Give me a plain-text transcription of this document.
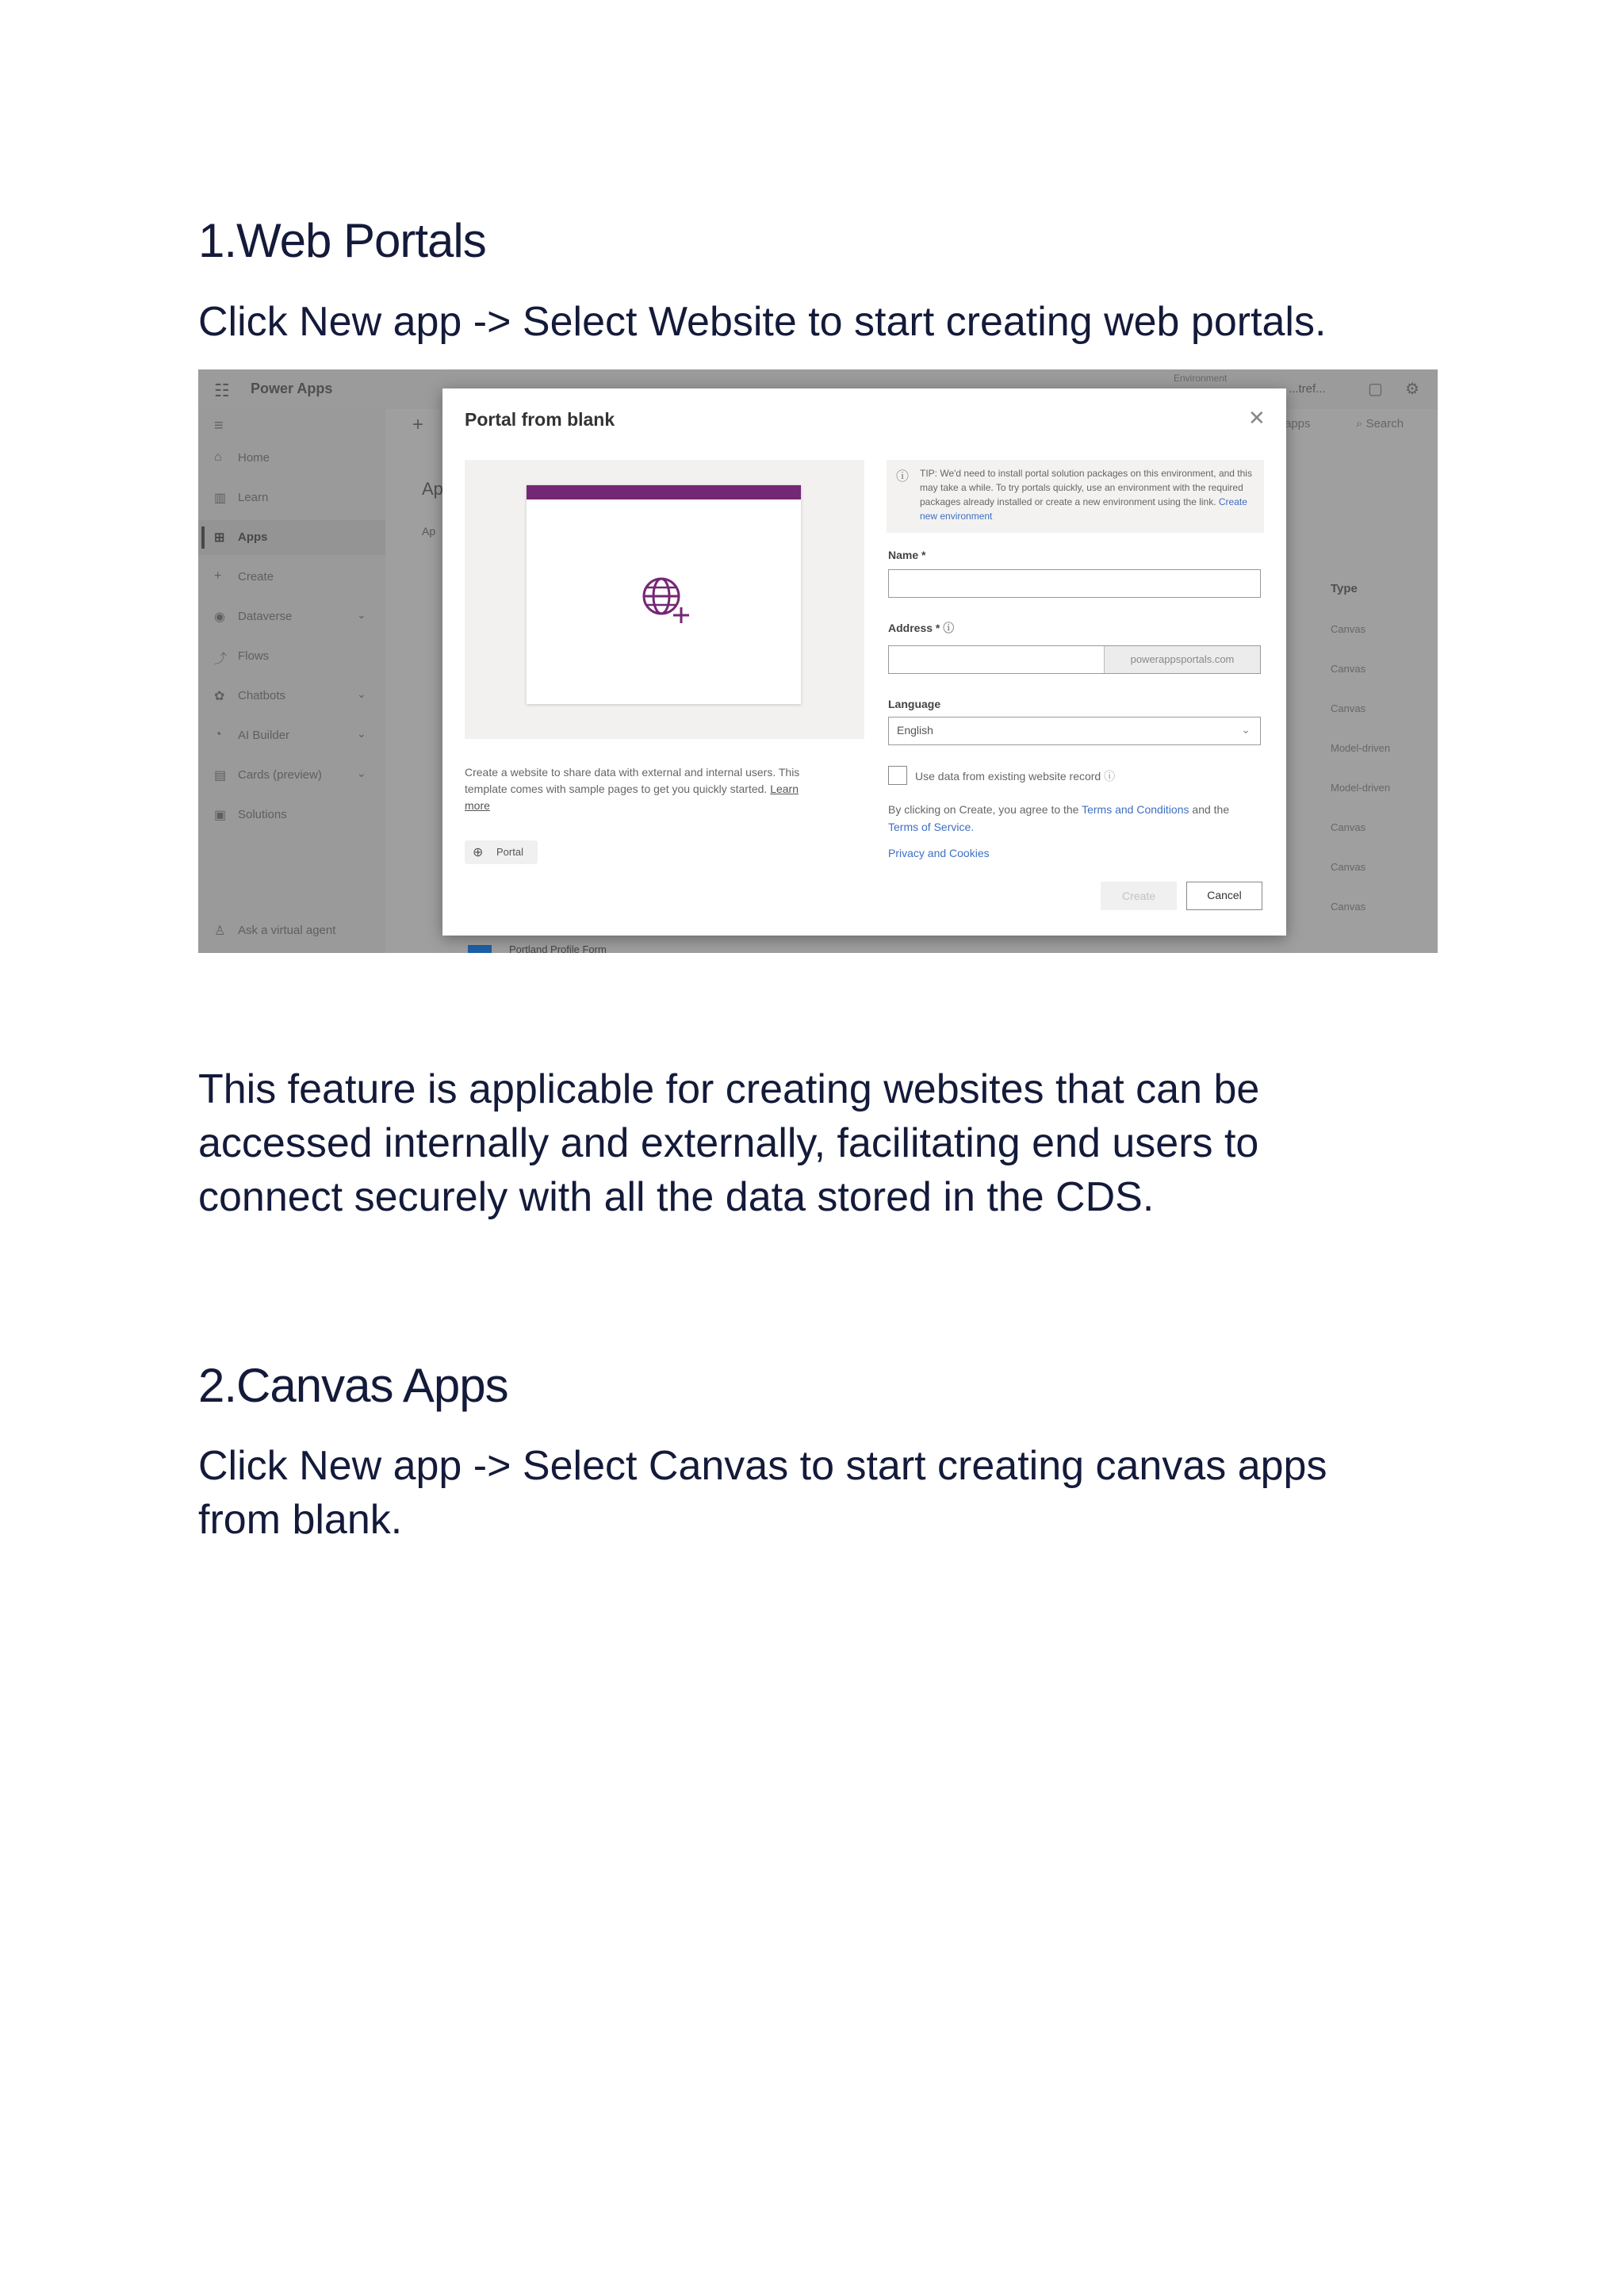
1.Web Portals

Click New app -> Select Website to start creating web portals.

Portland Profile Form
Portal from blank	✕
Create a website to share data with external and internal users. This template comes with sample pages to get you quickly started. Learn more
⊕ Portal
ⓘ TIP: We'd need to install portal solution packages on this environment, and this may take a while. To try portals quickly, use an environment with the required packages already installed or create a new environment using the link. Create new environment
Name *
Address * ⓘ
powerappsportals.com
Language
English	⌄
Use data from existing website record ⓘ
By clicking on Create, you agree to the Terms and Conditions and the Terms of Service.
Privacy and Cookies
Create	Cancel

This feature is applicable for creating websites that can be

accessed internally and externally, facilitating end users to

connect securely with all the data stored in the CDS.

2.Canvas Apps

Click New app -> Select Canvas to start creating canvas apps

from blank.
